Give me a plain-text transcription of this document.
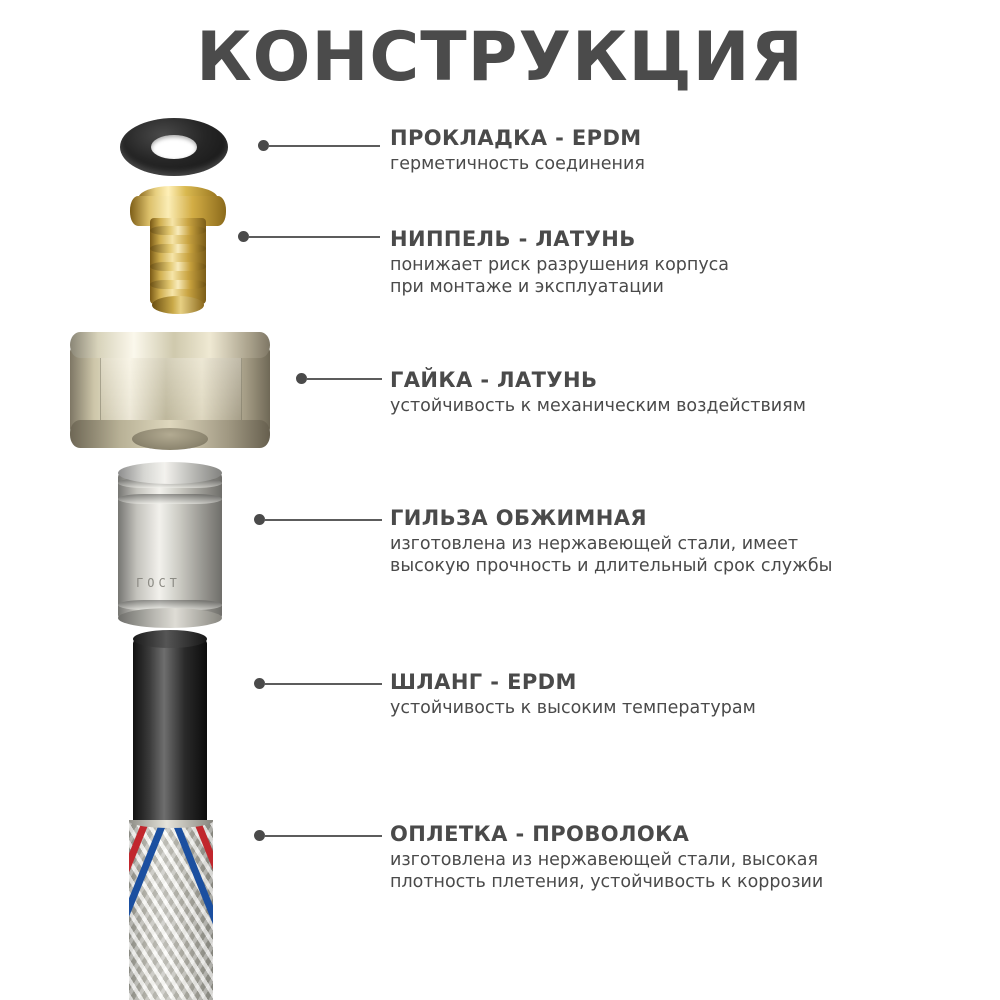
КОНСТРУКЦИЯ
ГОСТ
ПРОКЛАДКА - EPDM
герметичность соединения
НИППЕЛЬ - ЛАТУНЬ
понижает риск разрушения корпуса
при монтаже и эксплуатации
ГАЙКА - ЛАТУНЬ
устойчивость к механическим воздействиям
ГИЛЬЗА ОБЖИМНАЯ
изготовлена из нержавеющей стали, имеет
высокую прочность и длительный срок службы
ШЛАНГ - EPDM
устойчивость к высоким температурам
ОПЛЕТКА - ПРОВОЛОКА
изготовлена из нержавеющей стали, высокая
плотность плетения, устойчивость к коррозии
